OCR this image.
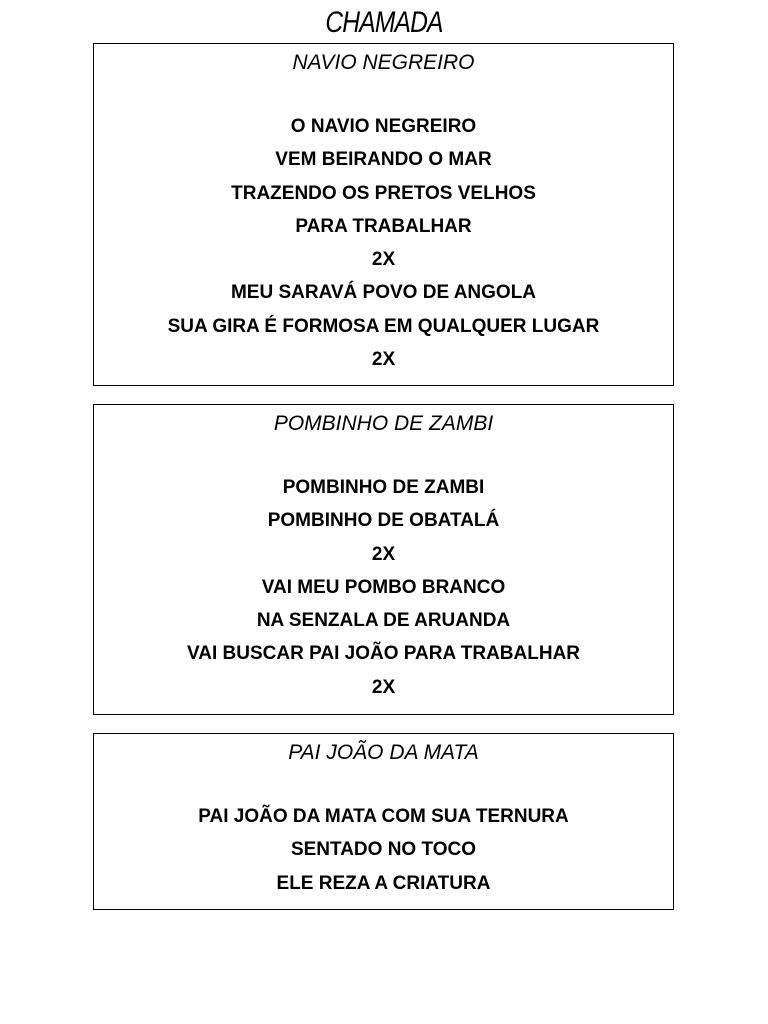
CHAMADA
NAVIO NEGREIRO
O NAVIO NEGREIRO
VEM BEIRANDO O MAR
TRAZENDO OS PRETOS VELHOS
PARA TRABALHAR
2X
MEU SARAVÁ POVO DE ANGOLA
SUA GIRA É FORMOSA EM QUALQUER LUGAR
2X
POMBINHO DE ZAMBI
POMBINHO DE ZAMBI
POMBINHO DE OBATALÁ
2X
VAI MEU POMBO BRANCO
NA SENZALA DE ARUANDA
VAI BUSCAR PAI JOÃO PARA TRABALHAR
2X
PAI JOÃO DA MATA
PAI JOÃO DA MATA COM SUA TERNURA
SENTADO NO TOCO
ELE REZA A CRIATURA
